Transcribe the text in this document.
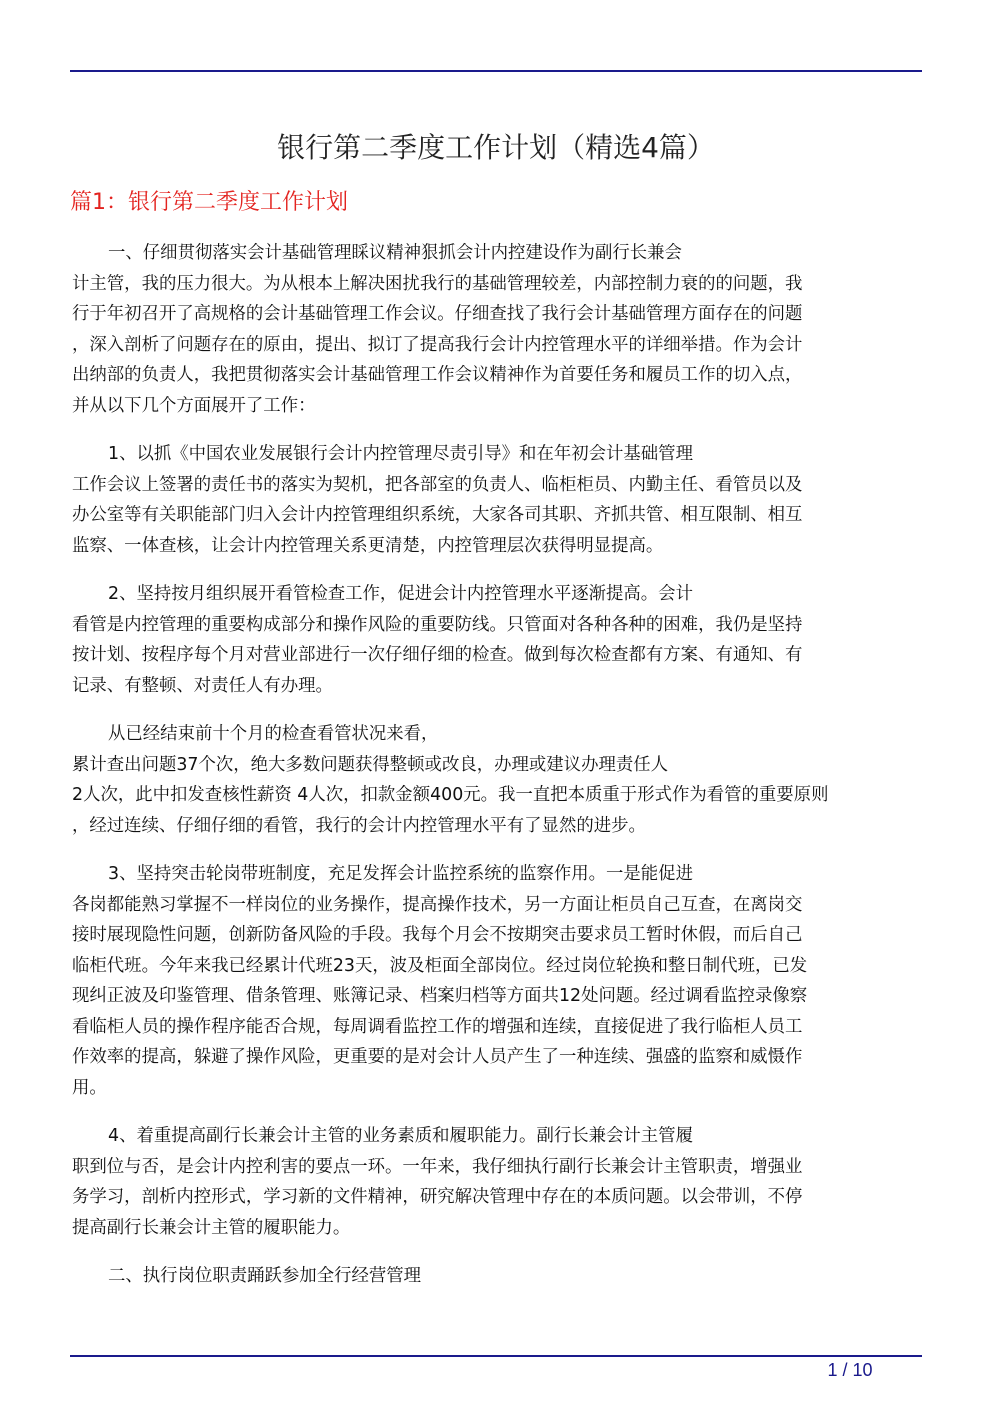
银行第二季度工作计划（精选4篇）
篇1：银行第二季度工作计划
一、仔细贯彻落实会计基础管理睬议精神狠抓会计内控建设作为副行长兼会
计主管，我的压力很大。为从根本上解决困扰我行的基础管理较差，内部控制力衰的的问题，我
行于年初召开了高规格的会计基础管理工作会议。仔细查找了我行会计基础管理方面存在的问题
，深入剖析了问题存在的原由，提出、拟订了提高我行会计内控管理水平的详细举措。作为会计
出纳部的负责人，我把贯彻落实会计基础管理工作会议精神作为首要任务和履员工作的切入点，
并从以下几个方面展开了工作：
1、以抓《中国农业发展银行会计内控管理尽责引导》和在年初会计基础管理
工作会议上签署的责任书的落实为契机，把各部室的负责人、临柜柜员、内勤主任、看管员以及
办公室等有关职能部门归入会计内控管理组织系统，大家各司其职、齐抓共管、相互限制、相互
监察、一体查核，让会计内控管理关系更清楚，内控管理层次获得明显提高。
2、坚持按月组织展开看管检查工作，促进会计内控管理水平逐渐提高。会计
看管是内控管理的重要构成部分和操作风险的重要防线。只管面对各种各种的困难，我仍是坚持
按计划、按程序每个月对营业部进行一次仔细仔细的检查。做到每次检查都有方案、有通知、有
记录、有整顿、对责任人有办理。
从已经结束前十个月的检查看管状况来看，
累计查出问题37个次，绝大多数问题获得整顿或改良，办理或建议办理责任人
2人次，此中扣发查核性薪资 4人次，扣款金额400元。我一直把本质重于形式作为看管的重要原则
，经过连续、仔细仔细的看管，我行的会计内控管理水平有了显然的进步。
3、坚持突击轮岗带班制度，充足发挥会计监控系统的监察作用。一是能促进
各岗都能熟习掌握不一样岗位的业务操作，提高操作技术，另一方面让柜员自己互查，在离岗交
接时展现隐性问题，创新防备风险的手段。我每个月会不按期突击要求员工暂时休假，而后自己
临柜代班。今年来我已经累计代班23天，波及柜面全部岗位。经过岗位轮换和整日制代班，已发
现纠正波及印鉴管理、借条管理、账簿记录、档案归档等方面共12处问题。经过调看监控录像察
看临柜人员的操作程序能否合规，每周调看监控工作的增强和连续，直接促进了我行临柜人员工
作效率的提高，躲避了操作风险，更重要的是对会计人员产生了一种连续、强盛的监察和威慑作
用。
4、着重提高副行长兼会计主管的业务素质和履职能力。副行长兼会计主管履
职到位与否，是会计内控利害的要点一环。一年来，我仔细执行副行长兼会计主管职责，增强业
务学习，剖析内控形式，学习新的文件精神，研究解决管理中存在的本质问题。以会带训，不停
提高副行长兼会计主管的履职能力。
二、执行岗位职责踊跃参加全行经营管理
1 / 10
